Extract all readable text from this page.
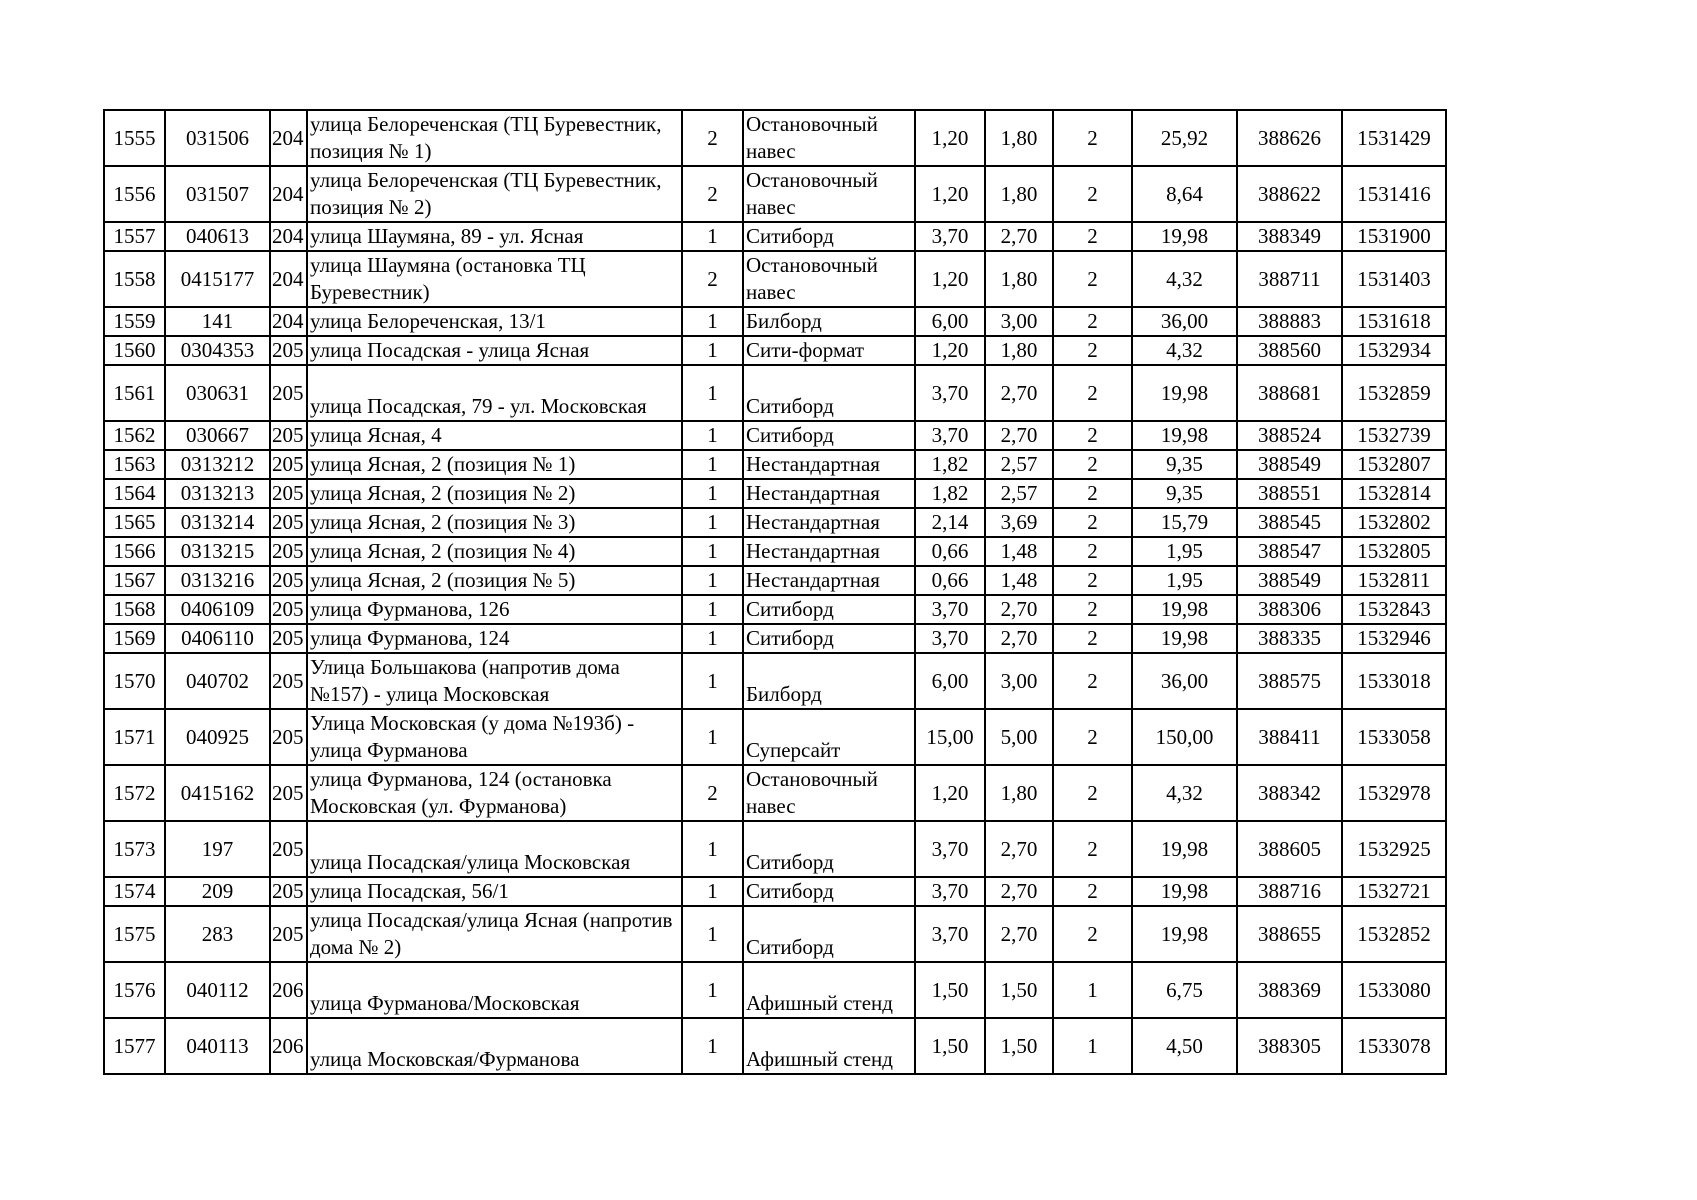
1555	031506	204	улица Белореченская (ТЦ Буревестник, позиция № 1)	2	Остановочный навес	1,20	1,80	2	25,92	388626	1531429
1556	031507	204	улица Белореченская (ТЦ Буревестник, позиция № 2)	2	Остановочный навес	1,20	1,80	2	8,64	388622	1531416
1557	040613	204	улица Шаумяна, 89 - ул. Ясная	1	Ситиборд	3,70	2,70	2	19,98	388349	1531900
1558	0415177	204	улица Шаумяна (остановка ТЦ Буревестник)	2	Остановочный навес	1,20	1,80	2	4,32	388711	1531403
1559	141	204	улица Белореченская, 13/1	1	Билборд	6,00	3,00	2	36,00	388883	1531618
1560	0304353	205	улица Посадская - улица Ясная	1	Сити-формат	1,20	1,80	2	4,32	388560	1532934
1561	030631	205	улица Посадская, 79 - ул. Московская	1	Ситиборд	3,70	2,70	2	19,98	388681	1532859
1562	030667	205	улица Ясная, 4	1	Ситиборд	3,70	2,70	2	19,98	388524	1532739
1563	0313212	205	улица Ясная, 2 (позиция № 1)	1	Нестандартная	1,82	2,57	2	9,35	388549	1532807
1564	0313213	205	улица Ясная, 2 (позиция № 2)	1	Нестандартная	1,82	2,57	2	9,35	388551	1532814
1565	0313214	205	улица Ясная, 2 (позиция № 3)	1	Нестандартная	2,14	3,69	2	15,79	388545	1532802
1566	0313215	205	улица Ясная, 2 (позиция № 4)	1	Нестандартная	0,66	1,48	2	1,95	388547	1532805
1567	0313216	205	улица Ясная, 2 (позиция № 5)	1	Нестандартная	0,66	1,48	2	1,95	388549	1532811
1568	0406109	205	улица Фурманова, 126	1	Ситиборд	3,70	2,70	2	19,98	388306	1532843
1569	0406110	205	улица Фурманова, 124	1	Ситиборд	3,70	2,70	2	19,98	388335	1532946
1570	040702	205	Улица Большакова (напротив дома №157) - улица Московская	1	Билборд	6,00	3,00	2	36,00	388575	1533018
1571	040925	205	Улица Московская (у дома №193б) - улица Фурманова	1	Суперсайт	15,00	5,00	2	150,00	388411	1533058
1572	0415162	205	улица Фурманова, 124 (остановка Московская (ул. Фурманова)	2	Остановочный навес	1,20	1,80	2	4,32	388342	1532978
1573	197	205	улица Посадская/улица Московская	1	Ситиборд	3,70	2,70	2	19,98	388605	1532925
1574	209	205	улица Посадская, 56/1	1	Ситиборд	3,70	2,70	2	19,98	388716	1532721
1575	283	205	улица Посадская/улица Ясная (напротив дома № 2)	1	Ситиборд	3,70	2,70	2	19,98	388655	1532852
1576	040112	206	улица Фурманова/Московская	1	Афишный стенд	1,50	1,50	1	6,75	388369	1533080
1577	040113	206	улица Московская/Фурманова	1	Афишный стенд	1,50	1,50	1	4,50	388305	1533078
